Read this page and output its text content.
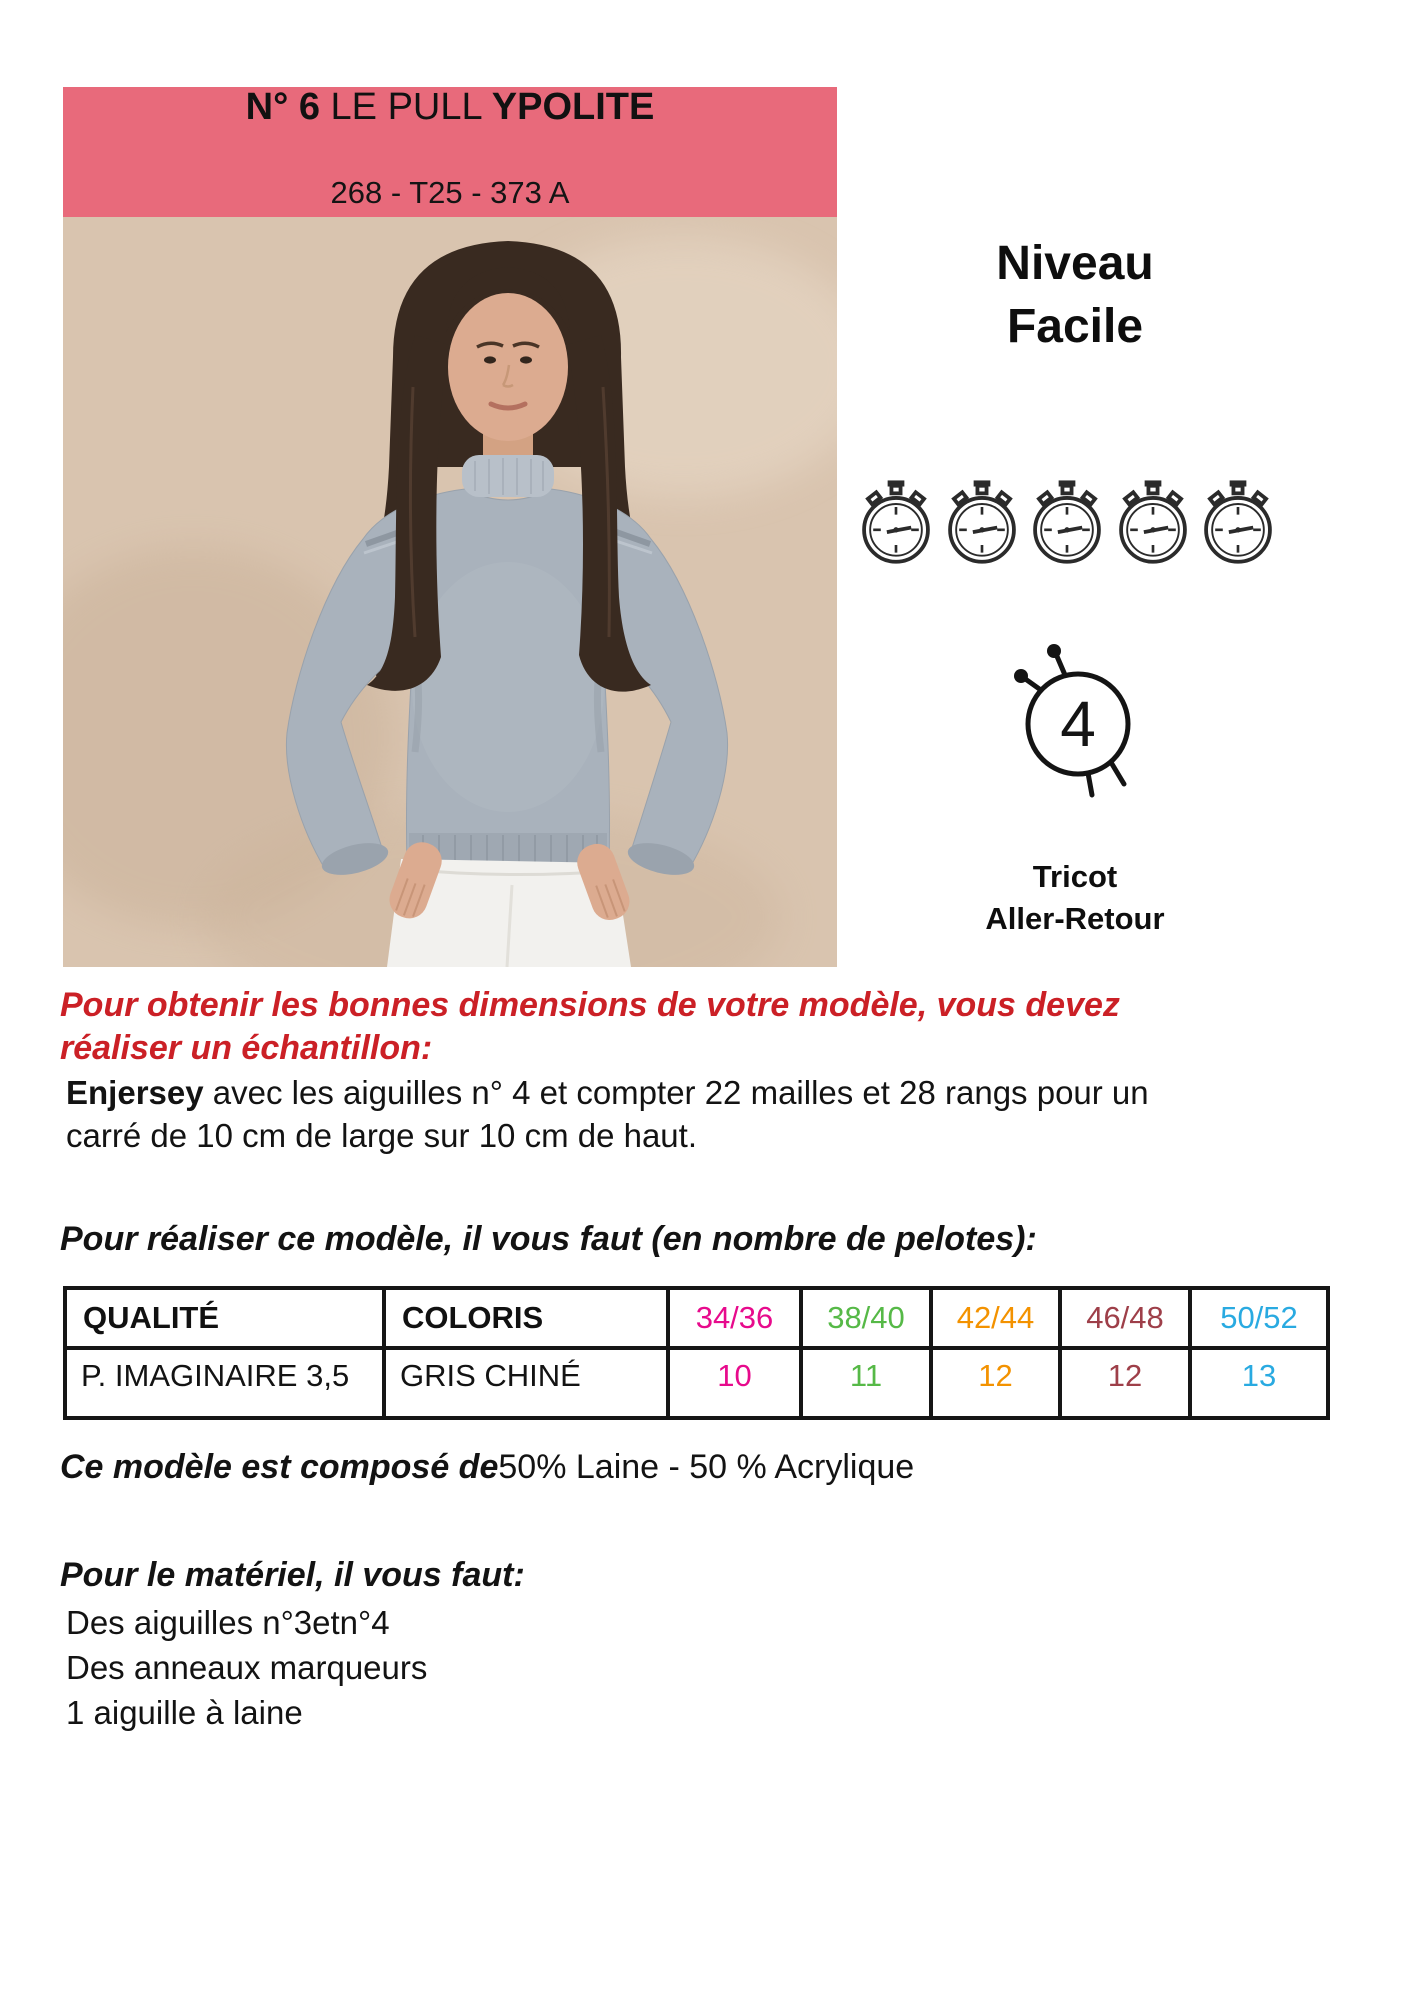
N° 6 LE PULL YPOLITE
268 - T25 - 373 A
Niveau
Facile
4
Tricot
Aller-Retour
Pour obtenir les bonnes dimensions de votre modèle, vous devez
réaliser un échantillon:
Enjersey avec les aiguilles n° 4 et compter 22 mailles et 28 rangs pour un
carré de 10 cm de large sur 10 cm de haut.
Pour réaliser ce modèle, il vous faut (en nombre de pelotes):
QUALITÉ	COLORIS	34/36	38/40	42/44	46/48	50/52
P. IMAGINAIRE 3,5	GRIS CHINÉ	10	11	12	12	13
Ce modèle est composé de50% Laine - 50 % Acrylique
Pour le matériel, il vous faut:
Des aiguilles n°3etn°4
Des anneaux marqueurs
1 aiguille à laine
